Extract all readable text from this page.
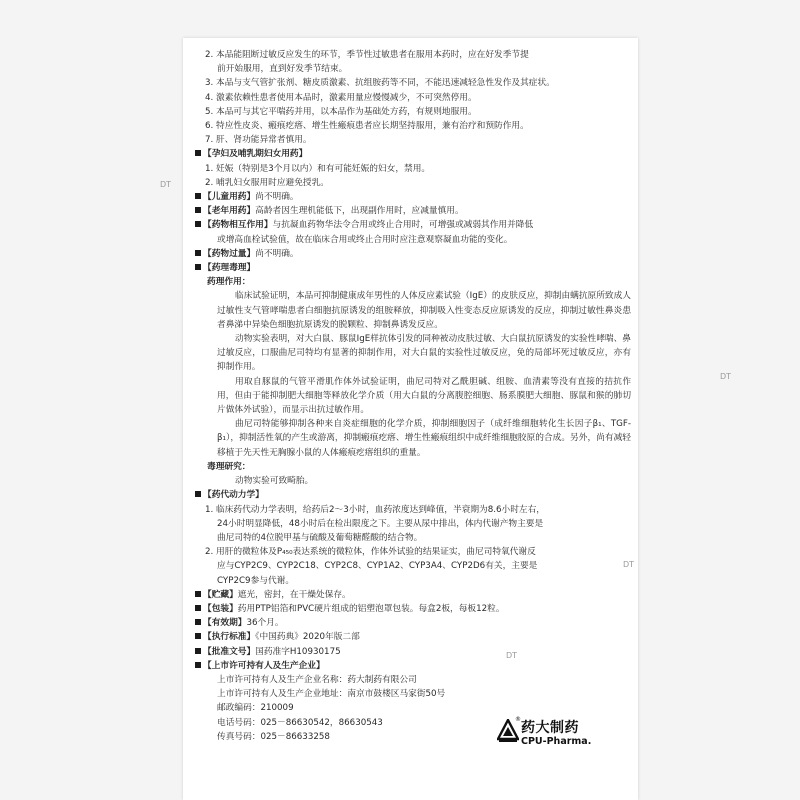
2. 本品能阻断过敏反应发生的环节，季节性过敏患者在服用本药时，应在好发季节提

前开始服用，直到好发季节结束。

3. 本品与支气管扩张剂、糖皮质激素、抗组胺药等不同，不能迅速减轻急性发作及其症状。

4. 激素依赖性患者使用本品时，激素用量应慢慢减少，不可突然停用。

5. 本品可与其它平喘药并用，以本品作为基础处方药，有规则地服用。

6. 特应性皮炎、瘢痕疙瘩、增生性瘢痕患者应长期坚持服用，兼有治疗和预防作用。

7. 肝、肾功能异常者慎用。

【孕妇及哺乳期妇女用药】

1. 妊娠（特别是3个月以内）和有可能妊娠的妇女，禁用。

2. 哺乳妇女服用时应避免授乳。

【儿童用药】尚不明确。

【老年用药】高龄者因生理机能低下，出现副作用时，应减量慎用。

【药物相互作用】与抗凝血药物华法令合用或终止合用时，可增强或减弱其作用并降低

或增高血栓试验值，故在临床合用或终止合用时应注意观察凝血功能的变化。

【药物过量】尚不明确。

【药理毒理】

药理作用：

临床试验证明，本品可抑制健康成年男性的人体反应素试验（IgE）的皮肤反应，抑制由螨抗原所致成人过敏性支气管哮喘患者白细胞抗原诱发的组胺释放，抑制吸入性变态反应原诱发的反应，抑制过敏性鼻炎患者鼻涕中异染色细胞抗原诱发的脱颗粒、抑制鼻诱发反应。

动物实验表明，对大白鼠、豚鼠IgE样抗体引发的同种被动皮肤过敏、大白鼠抗原诱发的实验性哮喘、鼻过敏反应，口服曲尼司特均有显著的抑制作用，对大白鼠的实验性过敏反应，免的局部坏死过敏反应，亦有抑制作用。

用取自豚鼠的气管平滑肌作体外试验证明，曲尼司特对乙酰胆碱、组胺、血清素等没有直接的拮抗作用，但由于能抑制肥大细胞等释放化学介质（用大白鼠的分离腹腔细胞、肠系膜肥大细胞、豚鼠和猴的肺切片做体外试验），而显示出抗过敏作用。

曲尼司特能够抑制各种来自炎症细胞的化学介质，抑制细胞因子（成纤维细胞转化生长因子β₁、TGF-β₁），抑制活性氧的产生或游离，抑制瘢痕疙瘩、增生性瘢痕组织中成纤维细胞胶原的合成。另外，尚有减轻移植于先天性无胸腺小鼠的人体瘢痕疙瘩组织的重量。

毒理研究：

动物实验可致畸胎。

【药代动力学】

1. 临床药代动力学表明，给药后2～3小时，血药浓度达到峰值，半衰期为8.6小时左右，

24小时明显降低，48小时后在检出限度之下。主要从尿中排出，体内代谢产物主要是

曲尼司特的4位脱甲基与硫酸及葡萄糖醛酸的结合物。

2. 用肝的微粒体及P₄₅₀表达系统的微粒体，作体外试验的结果证实，曲尼司特氧代谢反

应与CYP2C9、CYP2C18、CYP2C8、CYP1A2、CYP3A4、CYP2D6有关，主要是

CYP2C9参与代谢。

【贮藏】遮光，密封，在干燥处保存。

【包装】药用PTP铝箔和PVC硬片组成的铝塑泡罩包装。每盒2板，每板12粒。

【有效期】36个月。

【执行标准】《中国药典》2020年版二部

【批准文号】国药准字H10930175

【上市许可持有人及生产企业】

上市许可持有人及生产企业名称：药大制药有限公司

上市许可持有人及生产企业地址：南京市鼓楼区马家街50号

邮政编码：210009

电话号码：025－86630542，86630543

传真号码：025－86633258

DT
DT
DT
DT
®
药大制药
CPU-Pharma.
